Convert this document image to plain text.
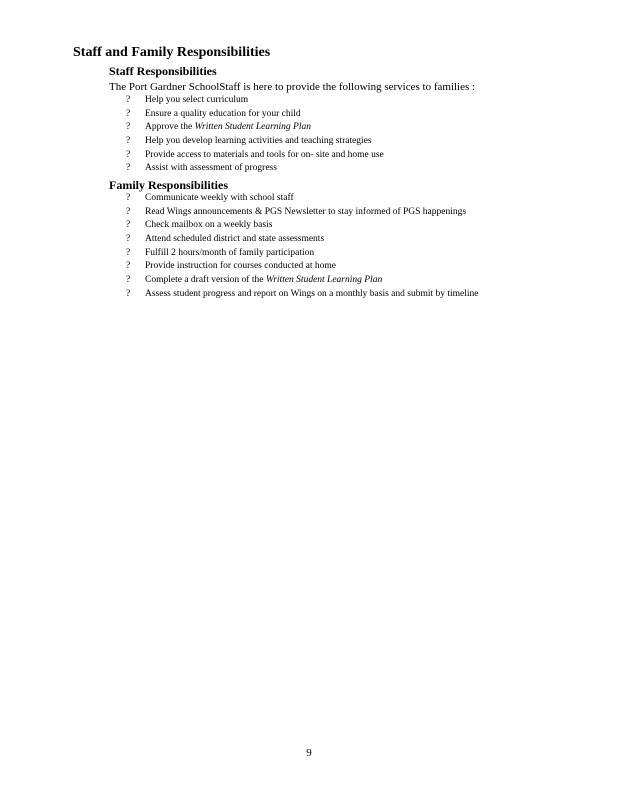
Staff and Family Responsibilities
Staff Responsibilities
The Port Gardner SchoolStaff is here to provide the following services to families :
?	Help you select curriculum
?	Ensure a quality education for your child
?	Approve the Written Student Learning Plan
?	Help you develop learning activities and teaching strategies
?	Provide access to materials and tools for on- site and home use
?	Assist with assessment of progress
Family Responsibilities
?	Communicate weekly with school staff
?	Read Wings announcements & PGS Newsletter to stay informed of PGS happenings
?	Check mailbox on a weekly basis
?	Attend scheduled district and state assessments
?	Fulfill 2 hours/month of family participation
?	Provide instruction for courses conducted at home
?	Complete a draft version of the Written Student Learning Plan
?	Assess student progress and report on Wings on a monthly basis and submit by timeline
9
